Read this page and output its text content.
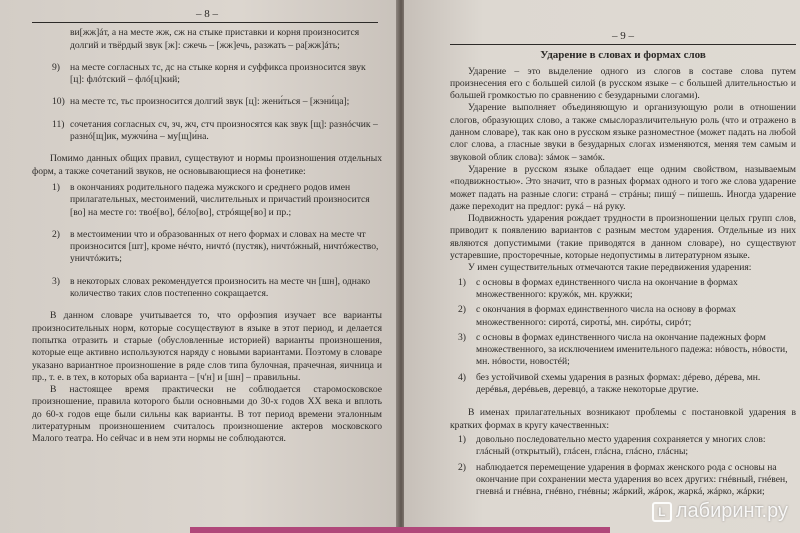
– 8 –
ви[жж]áт, а на месте жж, сж на стыке приставки и корня произносится долгий и твёрдый звук [ж]: сжечь – [жж]ечь, разжать – ра[жж]áть;
9)	на месте согласных тс, дс на стыке корня и суффикса произносится звук [ц]: флóтский – флó[ц]кий;
10) на месте тс, тьс произносится долгий звук [ц]: жени́ться – [жэни́ца];
11) сочетания согласных сч, зч, жч, стч произносятся как звук [щ]: разнóсчик – разнó[щ]ик, мужчи́на – му[щ]и́на.

Помимо данных общих правил, существуют и нормы произношения отдельных форм, а также сочетаний звуков, не основывающиеся на фонетике:

1)	в окончаниях родительного падежа мужского и среднего родов имен прилагательных, местоимений, числительных и причастий произносится [во] на месте го: твоé[во], бéло[во], стрóяще[во] и пр.;
2)	в местоимении что и образованных от него формах и словах на месте чт произносится [шт], кроме нéчто, ничтó (пустяк), ничтóжный, ничтóжество, уничтóжить;
3)	в некоторых словах рекомендуется произносить на месте чн [шн], однако количество таких слов постепенно сокращается.

В данном словаре учитывается то, что орфоэпия изучает все варианты произносительных норм, которые сосуществуют в языке в этот период, и делается попытка отразить и старые (обусловленные историей) варианты произношения, которые еще активно используются наряду с новыми вариантами. Поэтому в словаре указано вариантное произношение в ряде слов типа булочная, прачечная, яичница и пр., т. е. в тех, в которых оба варианта – [ч'н] и [шн] – правильны.

В настоящее время практически не соблюдается старомосковское произношение, правила которого были основными до 30-х годов XX века и вплоть до 60-х годов еще были сильны как варианты. В тот период времени эталонным литературным произношением считалось произношение актеров московского Малого театра. Но сейчас и в нем эти нормы не соблюдаются.

– 9 –
Ударение в словах и формах слов

Ударение – это выделение одного из слогов в составе слова путем произнесения его с большей силой (в русском языке – с большей длительностью и большей громкостью по сравнению с безударными слогами).

Ударение выполняет объединяющую и организующую роли в отношении слогов, образующих слово, а также смыслоразличительную роль (что и отражено в данном словаре), так как оно в русском языке разноместное (может падать на любой слог слова, а гласные звуки в безударных слогах изменяются, меняя тем самым и звуковой облик слова): зáмок – замóк.

Ударение в русском языке обладает еще одним свойством, называемым «подвижностью». Это значит, что в разных формах одного и того же слова ударение может падать на разные слоги: странá – стрáны; пишý – пи́шешь. Иногда ударение даже переходит на предлог: рукá – нá руку.

Подвижность ударения рождает трудности в произношении целых групп слов, приводит к появлению вариантов с разным местом ударения. Отдельные из них являются допустимыми (такие приводятся в данном словаре), но существуют устаревшие, просторечные, которые недопустимы в литературном языке.

У имен существительных отмечаются такие передвижения ударения:

1)	с основы в формах единственного числа на окончание в формах множественного: кружóк, мн. кружки́;
2)	с окончания в формах единственного числа на основу в формах множественного: сиротá, сироты́, мн. сирóты, сирóт;
3)	с основы в формах единственного числа на окончание падежных форм множественного, за исключением именительного падежа: нóвость, нóвости, мн. нóвости, новостéй;
4)	без устойчивой схемы ударения в разных формах: дéрево, дéрева, мн. дерéвья, дерéвьев, деревцó, а также некоторые другие.

В именах прилагательных возникают проблемы с постановкой ударения в кратких формах в кругу качественных:

1)	довольно последовательно место ударения сохраняется у многих слов: глáсный (открытый), глáсен, глáсна, глáсно, глáсны;
2)	наблюдается перемещение ударения в формах женского рода с основы на окончание при сохранении места ударения во всех других: гнéвный, гнéвен, гневнá и гнéвна, гнéвно, гнéвны; жáркий, жáрок, жаркá, жáрко, жáрки;
L лабиринт.ру
